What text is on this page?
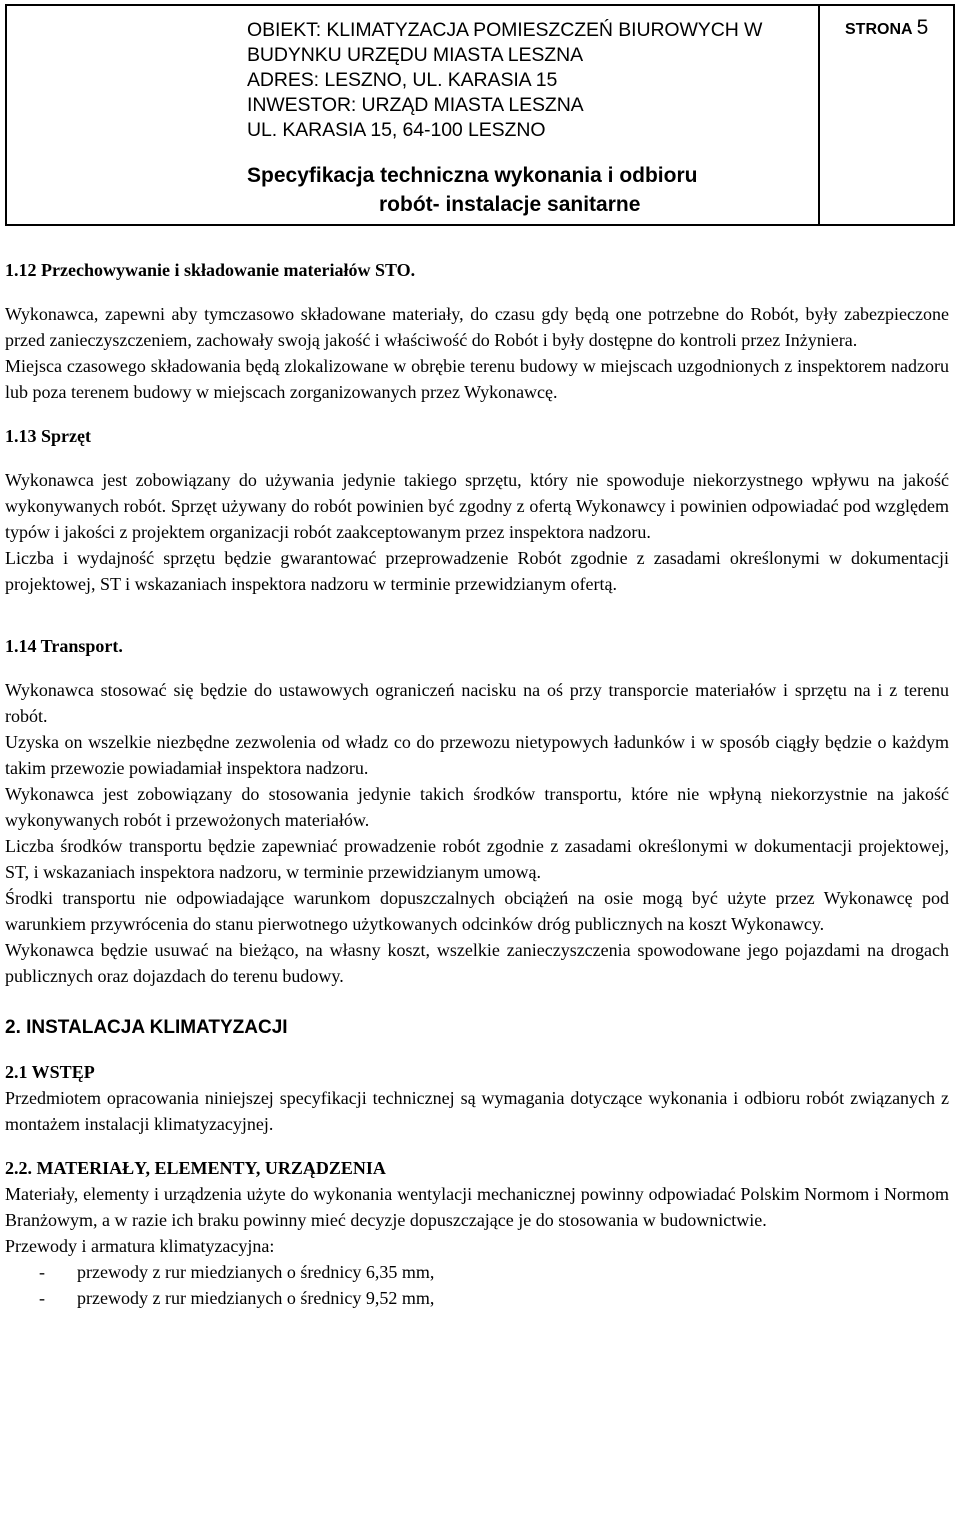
OBIEKT: KLIMATYZACJA POMIESZCZEŃ BIUROWYCH W
BUDYNKU URZĘDU MIASTA LESZNA
ADRES: LESZNO, UL. KARASIA 15
INWESTOR: URZĄD MIASTA LESZNA
UL. KARASIA 15, 64-100 LESZNO
Specyfikacja techniczna wykonania i odbioru
robót- instalacje sanitarne
STRONA 5

1.12 Przechowywanie i składowanie materiałów STO.

Wykonawca, zapewni aby tymczasowo składowane materiały, do czasu gdy będą one potrzebne do Robót, były zabezpieczone przed zanieczyszczeniem, zachowały swoją jakość i właściwość do Robót i były dostępne do kontroli przez Inżyniera.

Miejsca czasowego składowania będą zlokalizowane w obrębie terenu budowy w miejscach uzgodnionych z inspektorem nadzoru lub poza terenem budowy w miejscach zorganizowanych przez Wykonawcę.

1.13 Sprzęt

Wykonawca jest zobowiązany do używania jedynie takiego sprzętu, który nie spowoduje niekorzystnego wpływu na jakość wykonywanych robót. Sprzęt używany do robót powinien być zgodny z ofertą Wykonawcy i powinien odpowiadać pod względem typów i jakości z projektem organizacji robót zaakceptowanym przez inspektora nadzoru.

Liczba i wydajność sprzętu będzie gwarantować przeprowadzenie Robót zgodnie z zasadami określonymi w dokumentacji projektowej, ST i wskazaniach inspektora nadzoru w terminie przewidzianym ofertą.

1.14 Transport.

Wykonawca stosować się będzie do ustawowych ograniczeń nacisku na oś przy transporcie materiałów i sprzętu na i z terenu robót.

Uzyska on wszelkie niezbędne zezwolenia od władz co do przewozu nietypowych ładunków i w sposób ciągły będzie o każdym takim przewozie powiadamiał inspektora nadzoru.

Wykonawca jest zobowiązany do stosowania jedynie takich środków transportu, które nie wpłyną niekorzystnie na jakość wykonywanych robót i przewożonych materiałów.

Liczba środków transportu będzie zapewniać prowadzenie robót zgodnie z zasadami określonymi w dokumentacji projektowej, ST, i wskazaniach inspektora nadzoru, w terminie przewidzianym umową.

Środki transportu nie odpowiadające warunkom dopuszczalnych obciążeń na osie mogą być użyte przez Wykonawcę pod warunkiem przywrócenia do stanu pierwotnego użytkowanych odcinków dróg publicznych na koszt Wykonawcy.

Wykonawca będzie usuwać na bieżąco, na własny koszt, wszelkie zanieczyszczenia spowodowane jego pojazdami na drogach publicznych oraz dojazdach do terenu budowy.

2. INSTALACJA KLIMATYZACJI

2.1 WSTĘP

Przedmiotem opracowania niniejszej specyfikacji technicznej są wymagania dotyczące wykonania i odbioru robót związanych z montażem instalacji klimatyzacyjnej.

2.2. MATERIAŁY, ELEMENTY, URZĄDZENIA

Materiały, elementy i urządzenia użyte do wykonania wentylacji mechanicznej powinny odpowiadać Polskim Normom i Normom Branżowym, a w razie ich braku powinny mieć decyzje dopuszczające je do stosowania w budownictwie.

Przewody i armatura klimatyzacyjna:

-	przewody z rur miedzianych o średnicy 6,35 mm,
-	przewody z rur miedzianych o średnicy 9,52 mm,
